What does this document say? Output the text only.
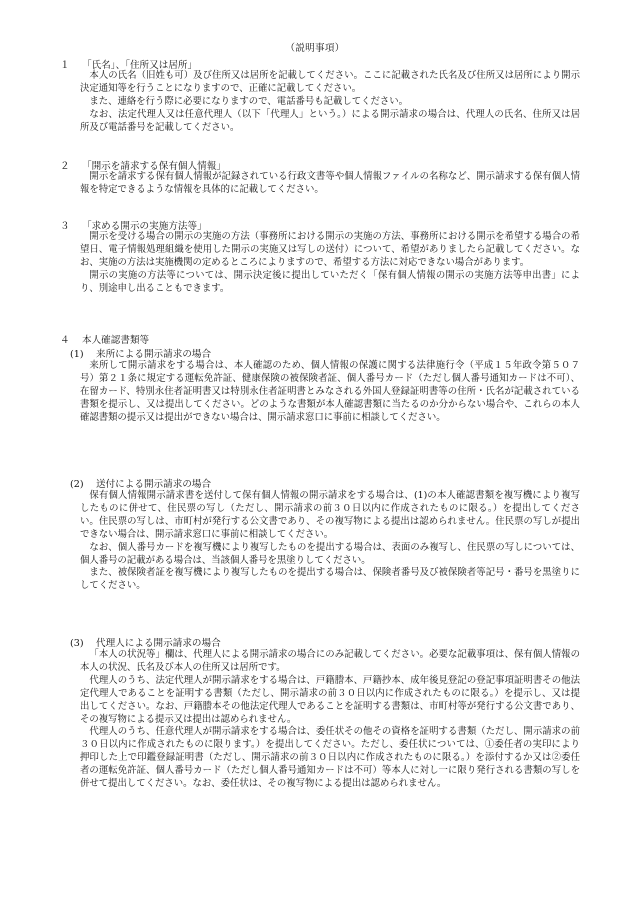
（説明事項）
１ 「氏名」、「住所又は居所」

本人の氏名（旧姓も可）及び住所又は居所を記載してください。ここに記載された氏名及び住所又は居所により開示決定通知等を行うことになりますので、正確に記載してください。

また、連絡を行う際に必要になりますので、電話番号も記載してください。

なお、法定代理人又は任意代理人（以下「代理人」という。）による開示請求の場合は、代理人の氏名、住所又は居所及び電話番号を記載してください。

２ 「開示を請求する保有個人情報」

開示を請求する保有個人情報が記録されている行政文書等や個人情報ファイルの名称など、開示請求する保有個人情報を特定できるような情報を具体的に記載してください。

３ 「求める開示の実施方法等」

開示を受ける場合の開示の実施の方法（事務所における開示の実施の方法、事務所における開示を希望する場合の希望日、電子情報処理組織を使用した開示の実施又は写しの送付）について、希望がありましたら記載してください。なお、実施の方法は実施機関の定めるところによりますので、希望する方法に対応できない場合があります。

開示の実施の方法等については、開示決定後に提出していただく「保有個人情報の開示の実施方法等申出書」により、別途申し出ることもできます。

４ 本人確認書類等
(1) 来所による開示請求の場合

来所して開示請求をする場合は、本人確認のため、個人情報の保護に関する法律施行令（平成１５年政令第５０７号）第２１条に規定する運転免許証、健康保険の被保険者証、個人番号カード（ただし個人番号通知カードは不可）、在留カード、特別永住者証明書又は特別永住者証明書とみなされる外国人登録証明書等の住所・氏名が記載されている書類を提示し、又は提出してください。どのような書類が本人確認書類に当たるのか分からない場合や、これらの本人確認書類の提示又は提出ができない場合は、開示請求窓口に事前に相談してください。

(2) 送付による開示請求の場合

保有個人情報開示請求書を送付して保有個人情報の開示請求をする場合は、(1)の本人確認書類を複写機により複写したものに併せて、住民票の写し（ただし、開示請求の前３０日以内に作成されたものに限る。）を提出してください。住民票の写しは、市町村が発行する公文書であり、その複写物による提出は認められません。住民票の写しが提出できない場合は、開示請求窓口に事前に相談してください。

なお、個人番号カードを複写機により複写したものを提出する場合は、表面のみ複写し、住民票の写しについては、個人番号の記載がある場合は、当該個人番号を黒塗りしてください。

また、被保険者証を複写機により複写したものを提出する場合は、保険者番号及び被保険者等記号・番号を黒塗りにしてください。

(3) 代理人による開示請求の場合

「本人の状況等」欄は、代理人による開示請求の場合にのみ記載してください。必要な記載事項は、保有個人情報の本人の状況、氏名及び本人の住所又は居所です。

代理人のうち、法定代理人が開示請求をする場合は、戸籍謄本、戸籍抄本、成年後見登記の登記事項証明書その他法定代理人であることを証明する書類（ただし、開示請求の前３０日以内に作成されたものに限る。）を提示し、又は提出してください。なお、戸籍謄本その他法定代理人であることを証明する書類は、市町村等が発行する公文書であり、その複写物による提示又は提出は認められません。

代理人のうち、任意代理人が開示請求をする場合は、委任状その他その資格を証明する書類（ただし、開示請求の前３０日以内に作成されたものに限ります。）を提出してください。ただし、委任状については、①委任者の実印により押印した上で印鑑登録証明書（ただし、開示請求の前３０日以内に作成されたものに限る。）を添付するか又は②委任者の運転免許証、個人番号カード（ただし個人番号通知カードは不可）等本人に対し一に限り発行される書類の写しを併せて提出してください。なお、委任状は、その複写物による提出は認められません。
